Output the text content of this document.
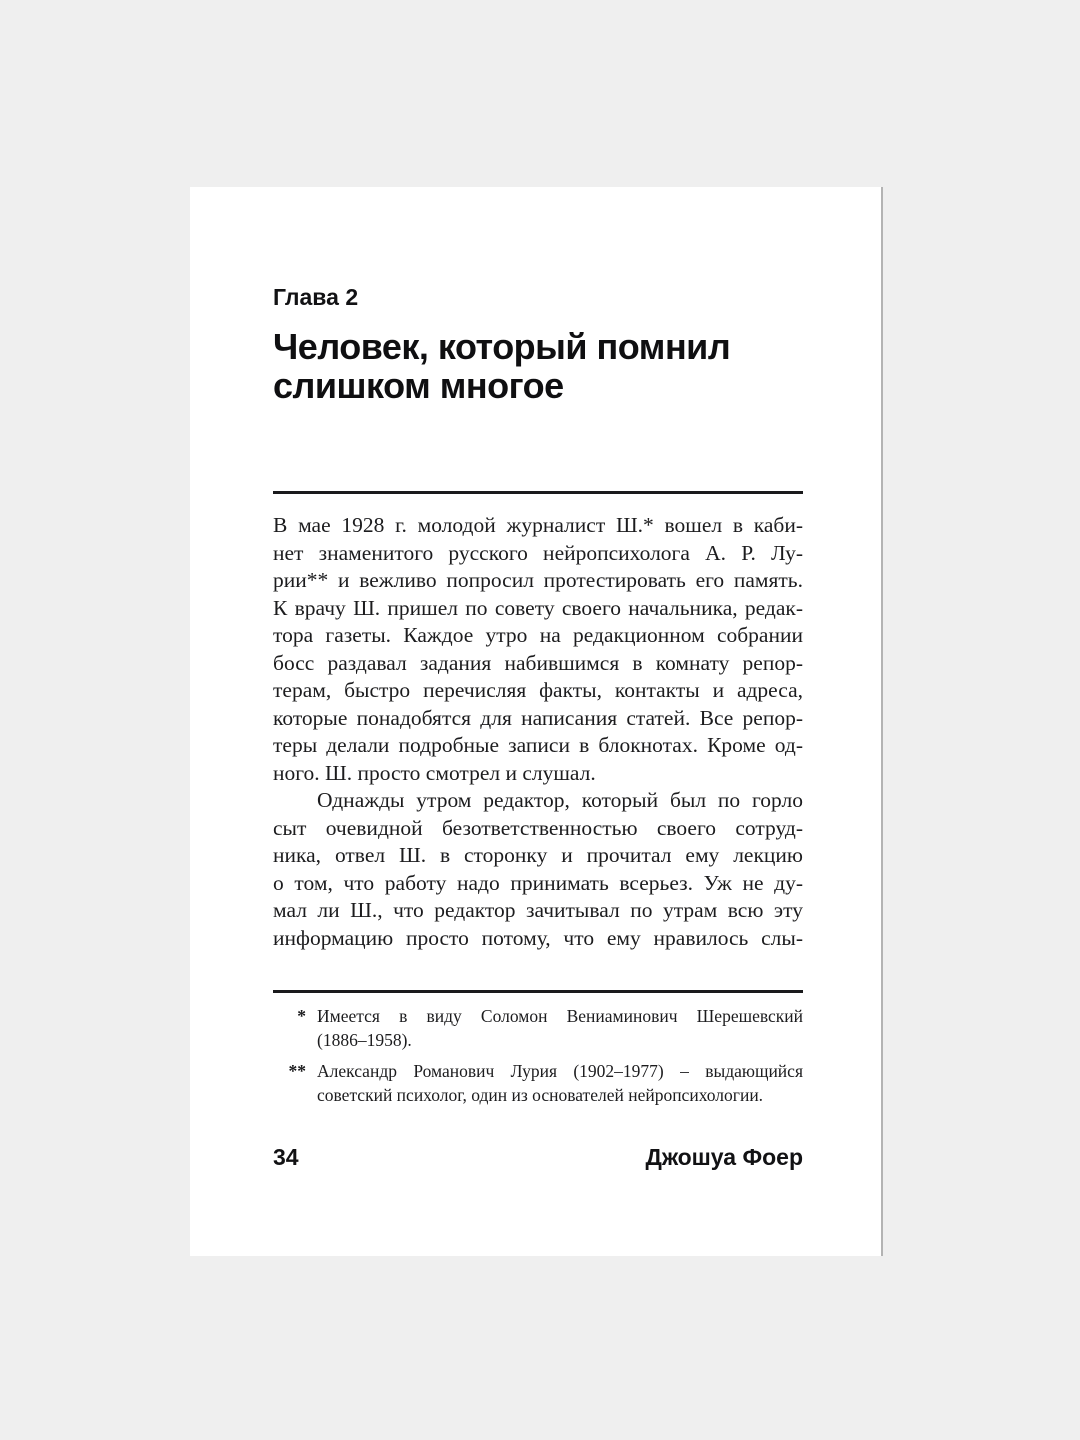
Глава 2
Человек, который помнил
слишком многое
В мае 1928 г. молодой журналист Ш.* вошел в каби-
нет знаменитого русского нейропсихолога А. Р. Лу-
рии** и вежливо попросил протестировать его память.
К врачу Ш. пришел по совету своего начальника, редак-
тора газеты. Каждое утро на редакционном собрании
босс раздавал задания набившимся в комнату репор-
терам, быстро перечисляя факты, контакты и адреса,
которые понадобятся для написания статей. Все репор-
теры делали подробные записи в блокнотах. Кроме од-
ного. Ш. просто смотрел и слушал.
Однажды утром редактор, который был по горло
сыт очевидной безответственностью своего сотруд-
ника, отвел Ш. в сторонку и прочитал ему лекцию
о том, что работу надо принимать всерьез. Уж не ду-
мал ли Ш., что редактор зачитывал по утрам всю эту
информацию просто потому, что ему нравилось слы-
* Имеется в виду Соломон Вениаминович Шерешевский
(1886–1958).
** Александр Романович Лурия (1902–1977) – выдающийся
советский психолог, один из основателей нейропсихологии.
34	Джошуа Фоер
